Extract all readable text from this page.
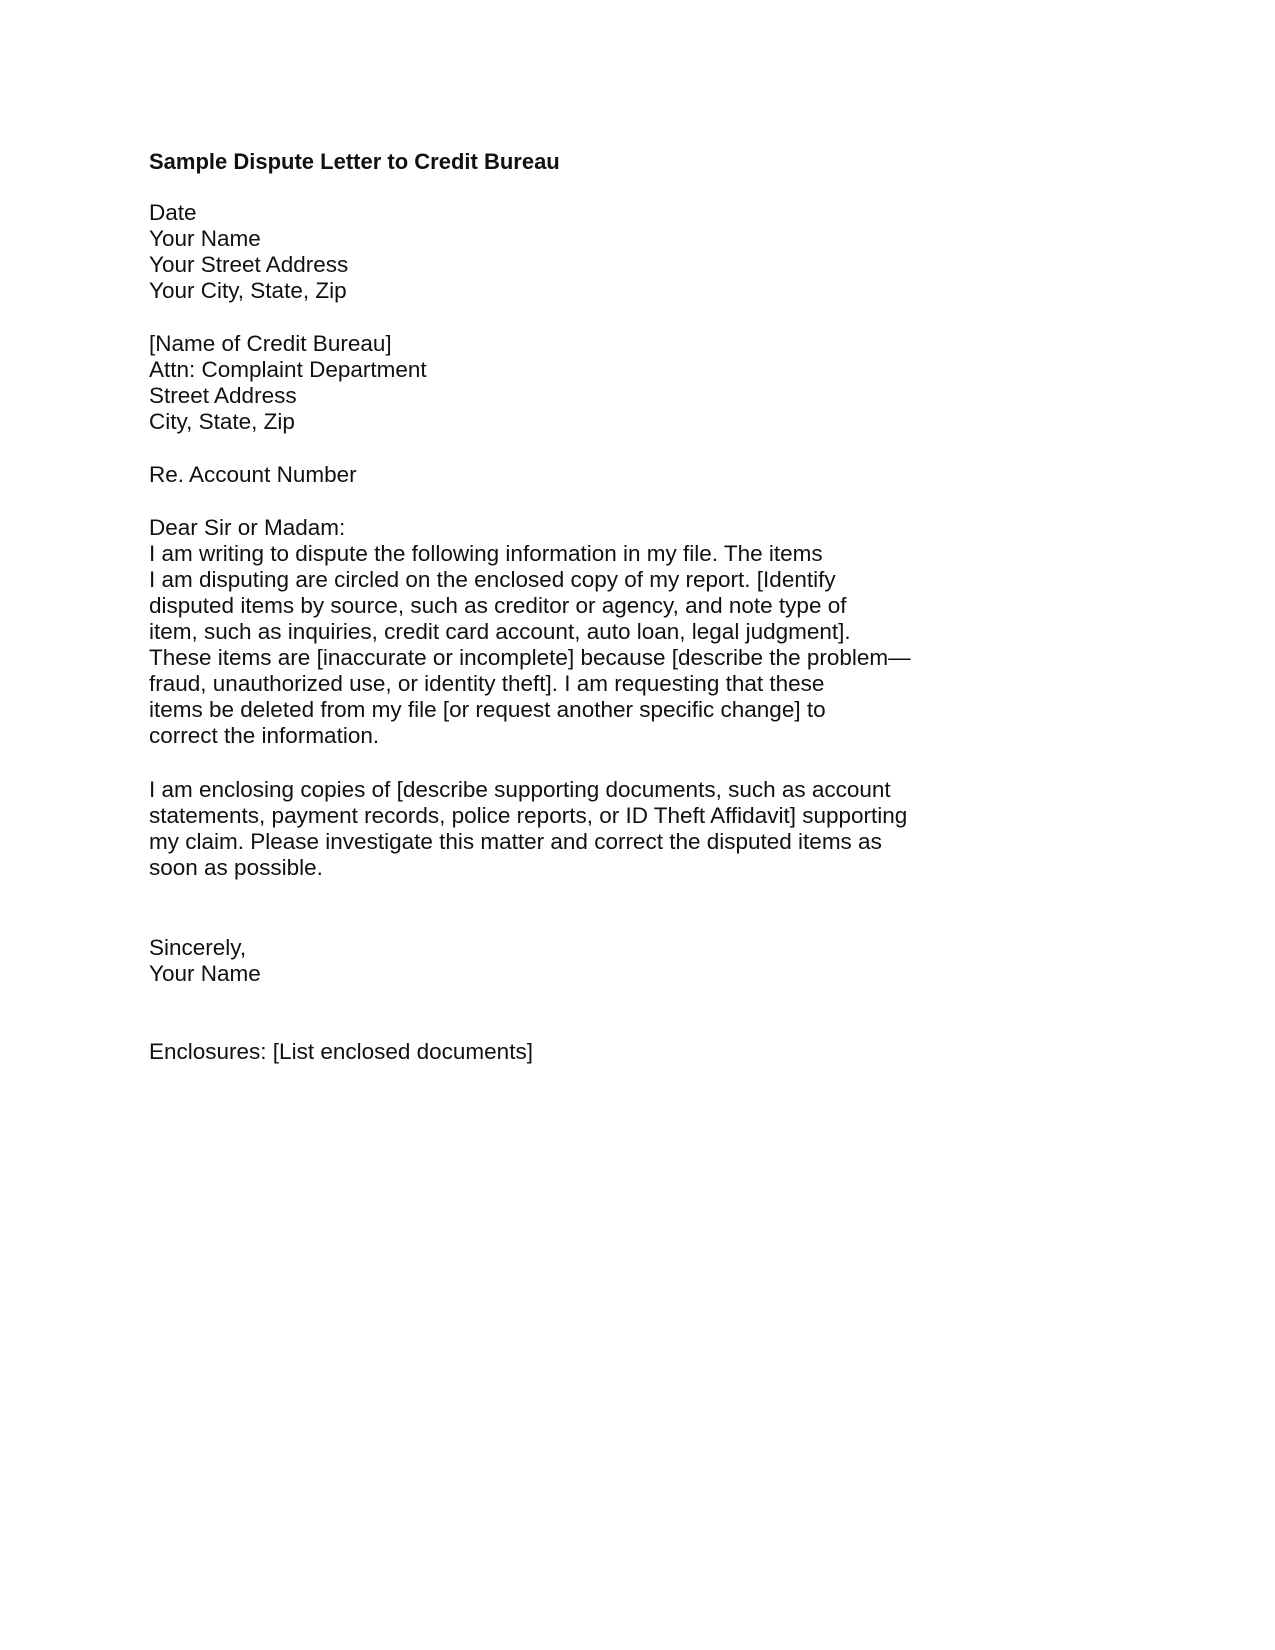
Sample Dispute Letter to Credit Bureau
Date
Your Name
Your Street Address
Your City, State, Zip
[Name of Credit Bureau]
Attn: Complaint Department
Street Address
City, State, Zip
Re. Account Number
Dear Sir or Madam:
I am writing to dispute the following information in my file. The items
I am disputing are circled on the enclosed copy of my report. [Identify
disputed items by source, such as creditor or agency, and note type of
item, such as inquiries, credit card account, auto loan, legal judgment].
These items are [inaccurate or incomplete] because [describe the problem—
fraud, unauthorized use, or identity theft]. I am requesting that these
items be deleted from my file [or request another specific change] to
correct the information.
I am enclosing copies of [describe supporting documents, such as account
statements, payment records, police reports, or ID Theft Affidavit] supporting
my claim. Please investigate this matter and correct the disputed items as
soon as possible.
Sincerely,
Your Name
Enclosures: [List enclosed documents]
